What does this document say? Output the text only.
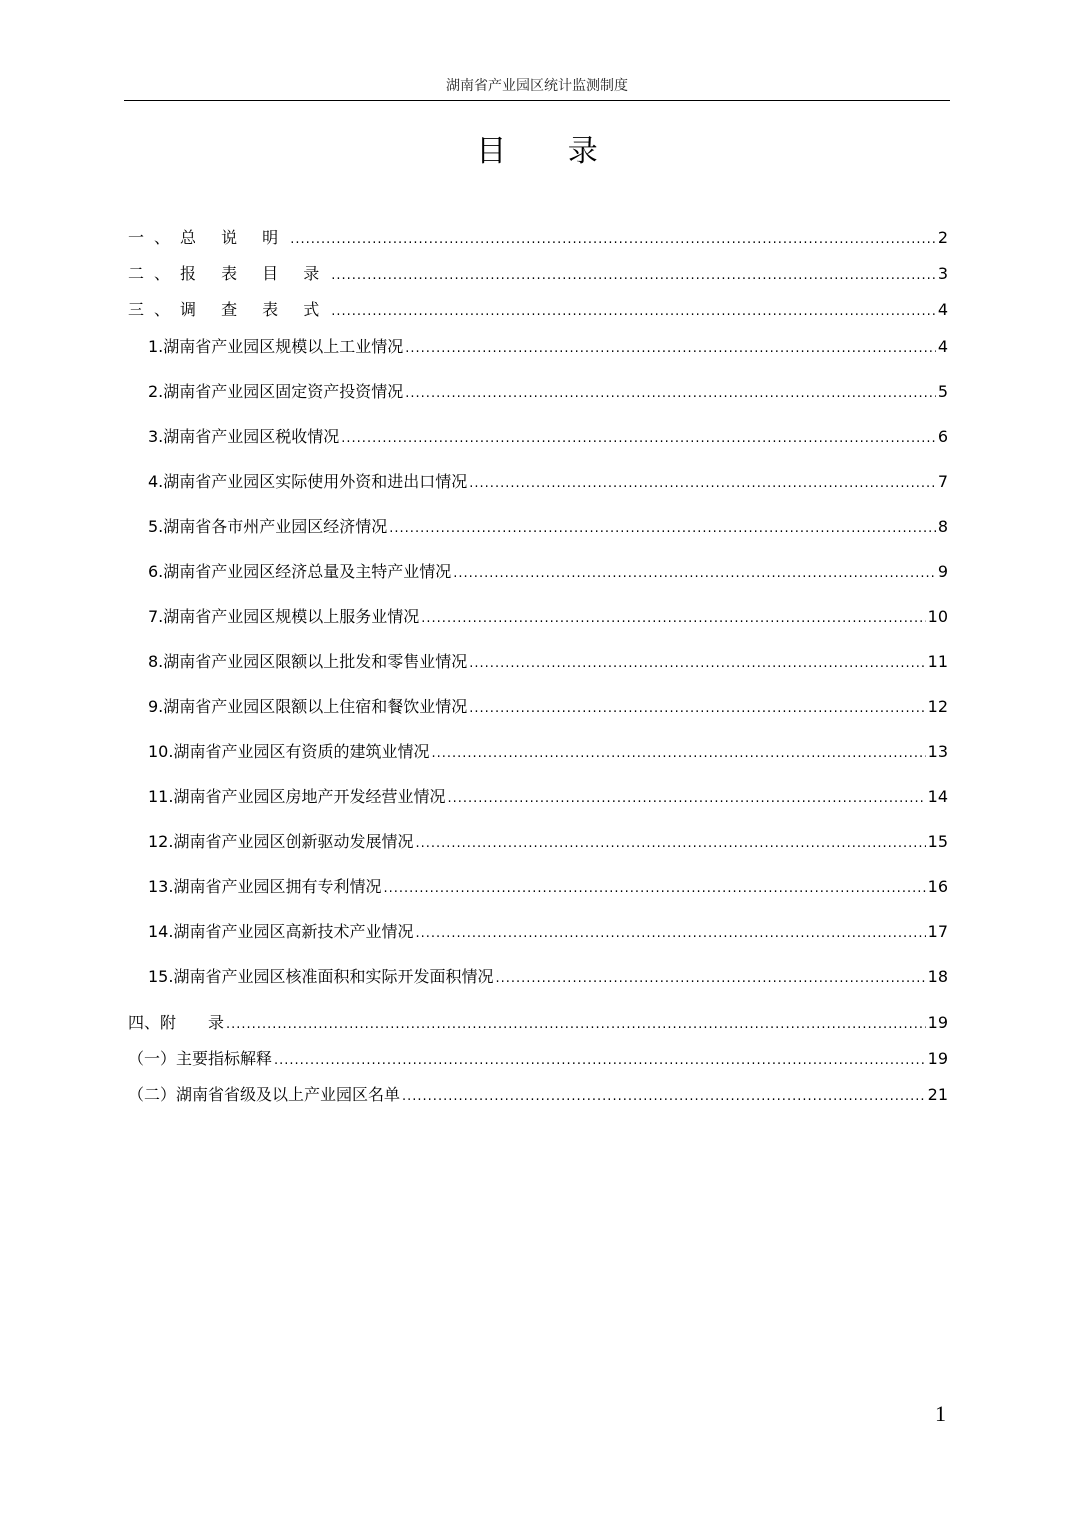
湖南省产业园区统计监测制度
目 录
一、总 说 明 .....	2
二、报 表 目 录 .....	3
三、调 查 表 式 .....	4
1.湖南省产业园区规模以上工业情况 .....	4
2.湖南省产业园区固定资产投资情况 .....	5
3.湖南省产业园区税收情况 .....	6
4.湖南省产业园区实际使用外资和进出口情况 .....	7
5.湖南省各市州产业园区经济情况 .....	8
6.湖南省产业园区经济总量及主特产业情况 .....	9
7.湖南省产业园区规模以上服务业情况 .....	10
8.湖南省产业园区限额以上批发和零售业情况 .....	11
9.湖南省产业园区限额以上住宿和餐饮业情况 .....	12
10.湖南省产业园区有资质的建筑业情况 .....	13
11.湖南省产业园区房地产开发经营业情况 .....	14
12.湖南省产业园区创新驱动发展情况 .....	15
13.湖南省产业园区拥有专利情况 .....	16
14.湖南省产业园区高新技术产业情况 .....	17
15.湖南省产业园区核准面积和实际开发面积情况 .....	18
四、附　　录 .....	19
（一）主要指标解释 .....	19
（二）湖南省省级及以上产业园区名单 .....	21
1
